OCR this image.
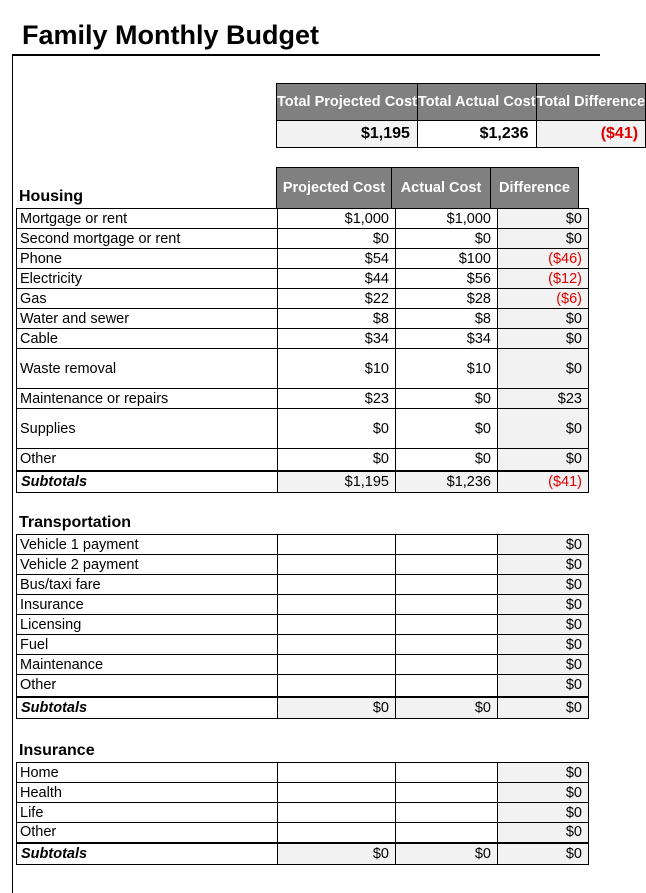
Family Monthly Budget
Total Projected Cost	Total Actual Cost	Total Difference
$1,195	$1,236	($41)
Projected Cost	Actual Cost	Difference
Housing
Mortgage or rent	$1,000	$1,000	$0
Second mortgage or rent	$0	$0	$0
Phone	$54	$100	($46)
Electricity	$44	$56	($12)
Gas	$22	$28	($6)
Water and sewer	$8	$8	$0
Cable	$34	$34	$0
Waste removal	$10	$10	$0
Maintenance or repairs	$23	$0	$23
Supplies	$0	$0	$0
Other	$0	$0	$0
Subtotals	$1,195	$1,236	($41)
Transportation
Vehicle 1 payment			$0
Vehicle 2 payment			$0
Bus/taxi fare			$0
Insurance			$0
Licensing			$0
Fuel			$0
Maintenance			$0
Other			$0
Subtotals	$0	$0	$0
Insurance
Home			$0
Health			$0
Life			$0
Other			$0
Subtotals	$0	$0	$0
